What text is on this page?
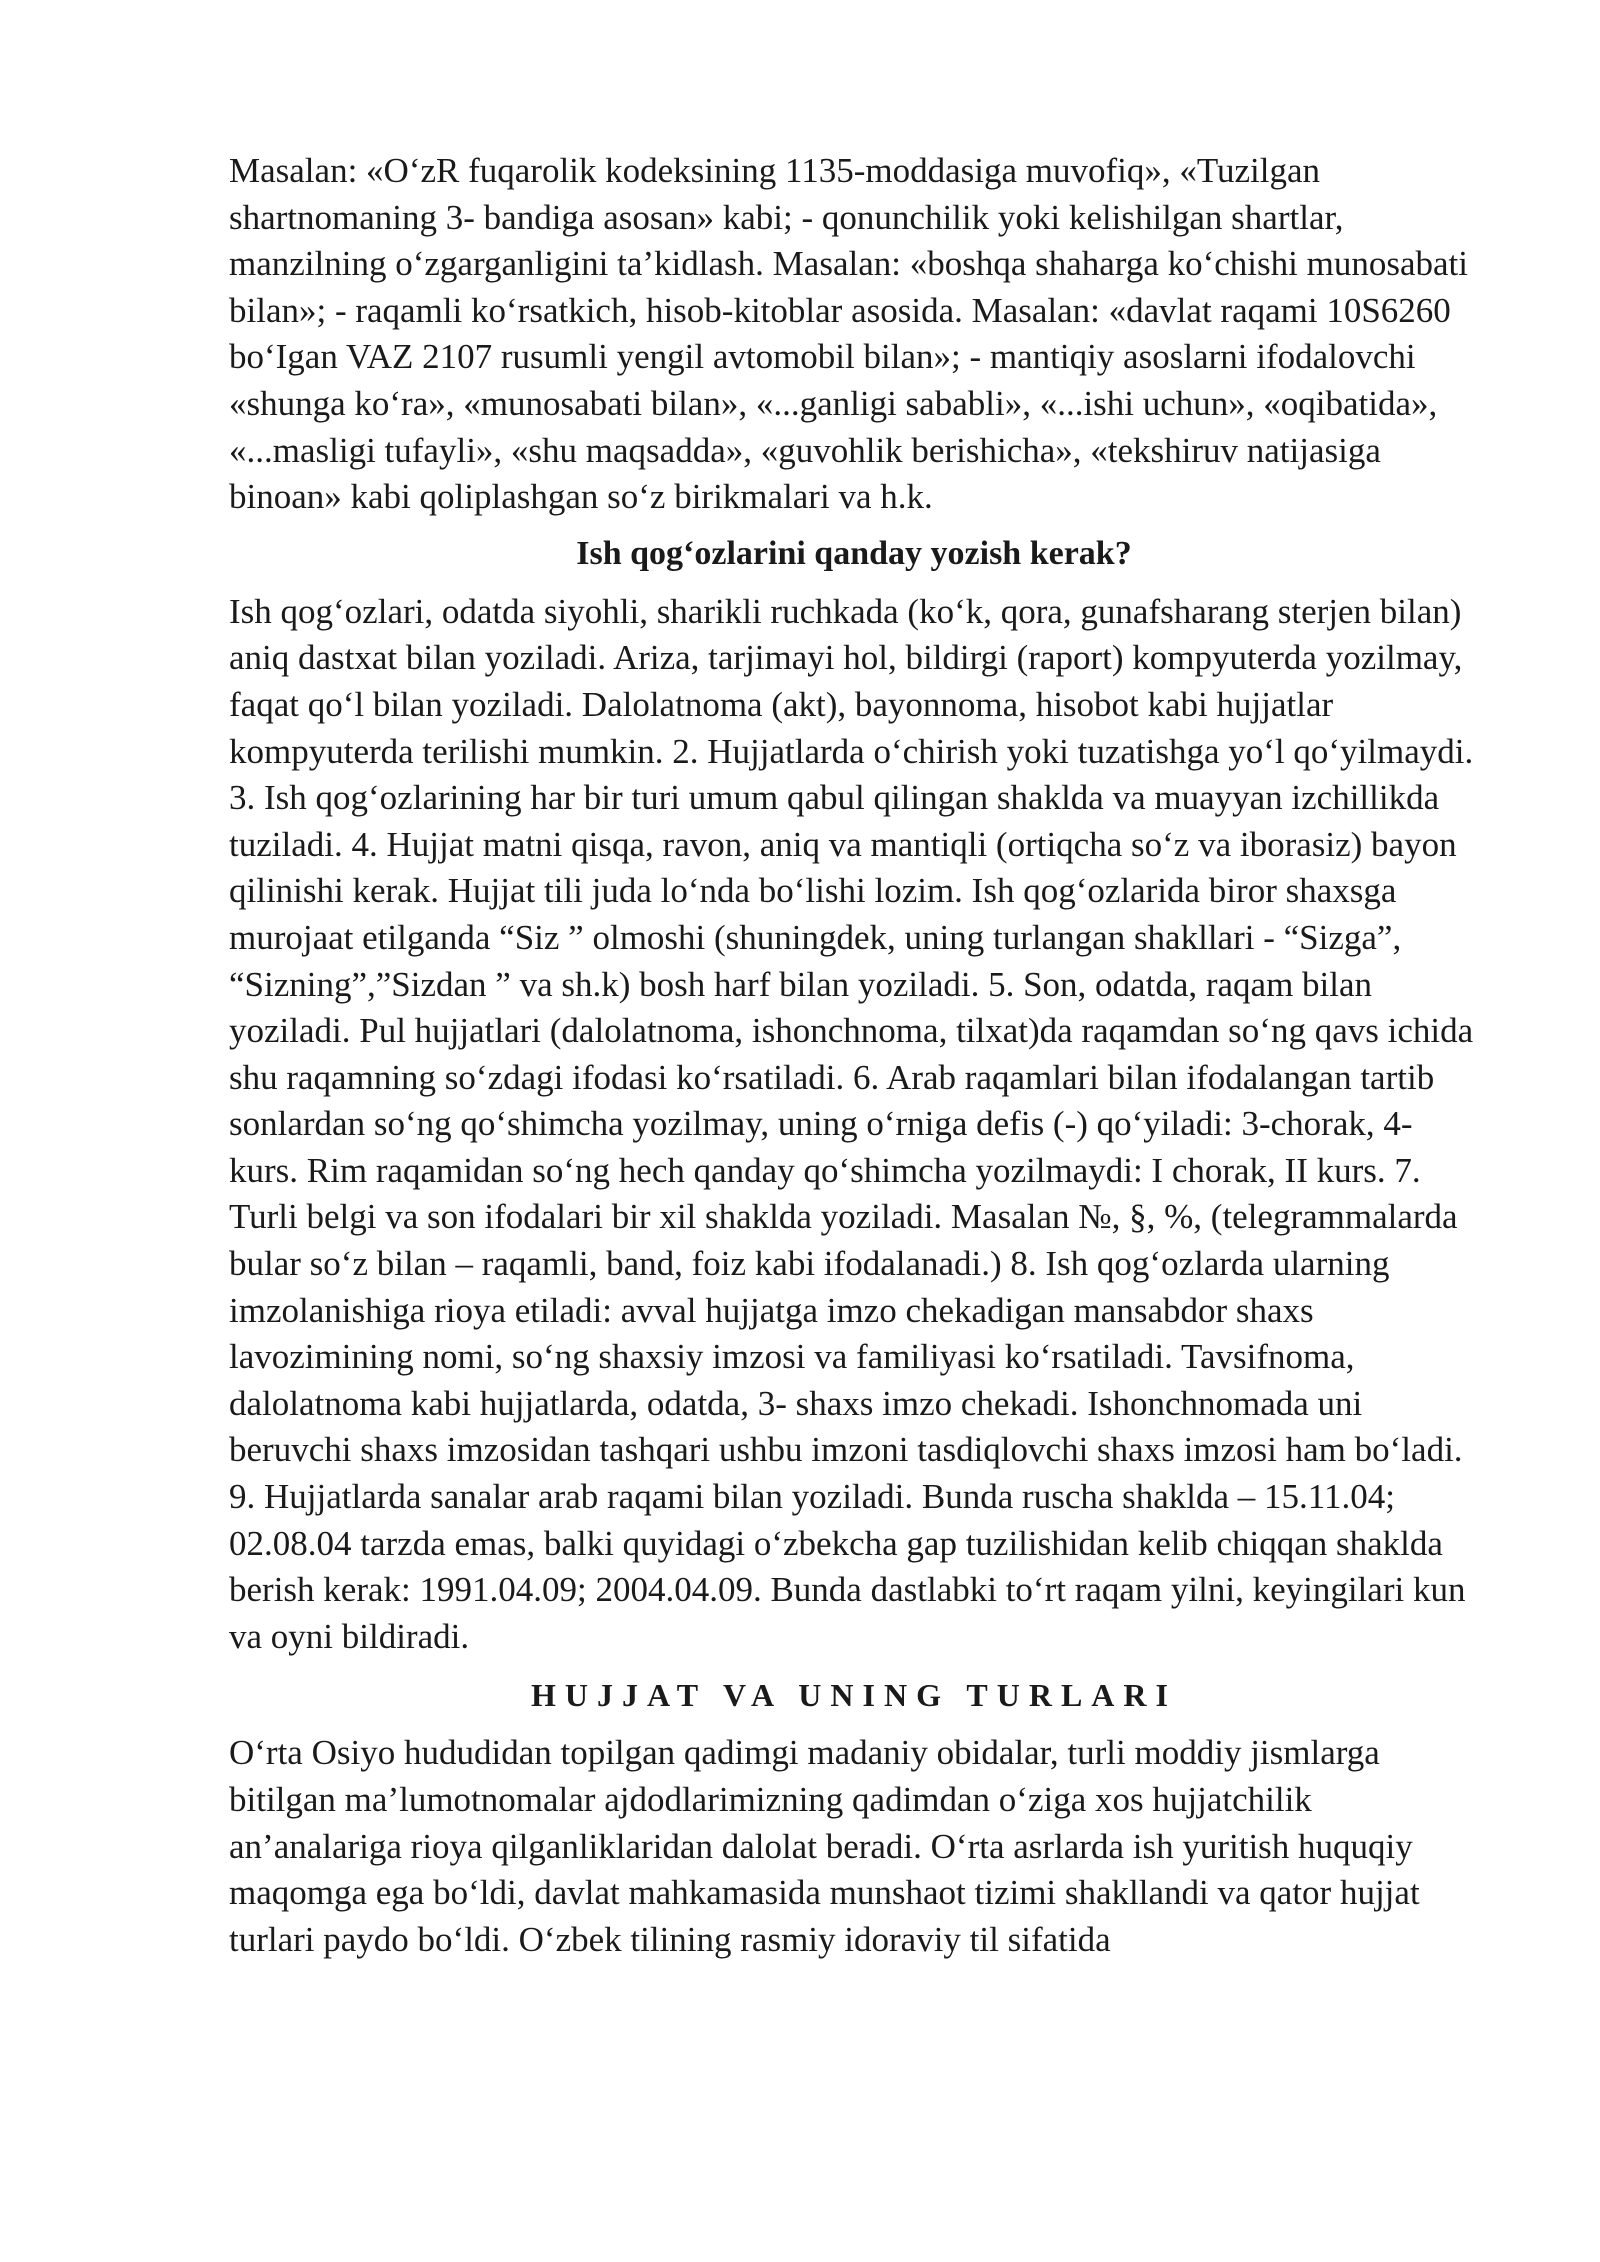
Masalan: «O‘zR fuqarolik kodeksining 1135-moddasiga muvofiq», «Tuzilgan shartnomaning 3- bandiga asosan» kabi; - qonunchilik yoki kelishilgan shartlar, manzilning o‘zgarganligini ta’kidlash. Masalan: «boshqa shaharga ko‘chishi munosabati bilan»; - raqamli ko‘rsatkich, hisob-kitoblar asosida. Masalan: «davlat raqami 10S6260 bo‘Igan VAZ 2107 rusumli yengil avtomobil bilan»; - mantiqiy asoslarni ifodalovchi «shunga ko‘ra», «munosabati bilan», «...ganligi sababli», «...ishi uchun», «oqibatida», «...masligi tufayli», «shu maqsadda», «guvohlik berishicha», «tekshiruv natijasiga binoan» kabi qoliplashgan so‘z birikmalari va h.k.

Ish qog‘ozlarini qanday yozish kerak?

Ish qog‘ozlari, odatda siyohli, sharikli ruchkada (ko‘k, qora, gunafsharang sterjen bilan) aniq dastxat bilan yoziladi. Ariza, tarjimayi hol, bildirgi (raport) kompyuterda yozilmay, faqat qo‘l bilan yoziladi. Dalolatnoma (akt), bayonnoma, hisobot kabi hujjatlar kompyuterda terilishi mumkin. 2. Hujjatlarda o‘chirish yoki tuzatishga yo‘l qo‘yilmaydi. 3. Ish qog‘ozlarining har bir turi umum qabul qilingan shaklda va muayyan izchillikda tuziladi. 4. Hujjat matni qisqa, ravon, aniq va mantiqli (ortiqcha so‘z va iborasiz) bayon qilinishi kerak. Hujjat tili juda lo‘nda bo‘lishi lozim. Ish qog‘ozlarida biror shaxsga murojaat etilganda “Siz ” olmoshi (shuningdek, uning turlangan shakllari - “Sizga”, “Sizning”,”Sizdan ” va sh.k) bosh harf bilan yoziladi. 5. Son, odatda, raqam bilan yoziladi. Pul hujjatlari (dalolatnoma, ishonchnoma, tilxat)da raqamdan so‘ng qavs ichida shu raqamning so‘zdagi ifodasi ko‘rsatiladi. 6. Arab raqamlari bilan ifodalangan tartib sonlardan so‘ng qo‘shimcha yozilmay, uning o‘rniga defis (-) qo‘yiladi: 3-chorak, 4-kurs. Rim raqamidan so‘ng hech qanday qo‘shimcha yozilmaydi: I chorak, II kurs. 7. Turli belgi va son ifodalari bir xil shaklda yoziladi. Masalan №, §, %, (telegrammalarda bular so‘z bilan – raqamli, band, foiz kabi ifodalanadi.) 8. Ish qog‘ozlarda ularning imzolanishiga rioya etiladi: avval hujjatga imzo chekadigan mansabdor shaxs lavozimining nomi, so‘ng shaxsiy imzosi va familiyasi ko‘rsatiladi. Tavsifnoma, dalolatnoma kabi hujjatlarda, odatda, 3- shaxs imzo chekadi. Ishonchnomada uni beruvchi shaxs imzosidan tashqari ushbu imzoni tasdiqlovchi shaxs imzosi ham bo‘ladi. 9. Hujjatlarda sanalar arab raqami bilan yoziladi. Bunda ruscha shaklda – 15.11.04; 02.08.04 tarzda emas, balki quyidagi o‘zbekcha gap tuzilishidan kelib chiqqan shaklda berish kerak: 1991.04.09; 2004.04.09. Bunda dastlabki to‘rt raqam yilni, keyingilari kun va oyni bildiradi.

HUJJAT VA UNING TURLARI

O‘rta Osiyo hududidan topilgan qadimgi madaniy obidalar, turli moddiy jismlarga bitilgan ma’lumotnomalar ajdodlarimizning qadimdan o‘ziga xos hujjatchilik an’analariga rioya qilganliklaridan dalolat beradi. O‘rta asrlarda ish yuritish huquqiy maqomga ega bo‘ldi, davlat mahkamasida munshaot tizimi shakllandi va qator hujjat turlari paydo bo‘ldi. O‘zbek tilining rasmiy idoraviy til sifatida
